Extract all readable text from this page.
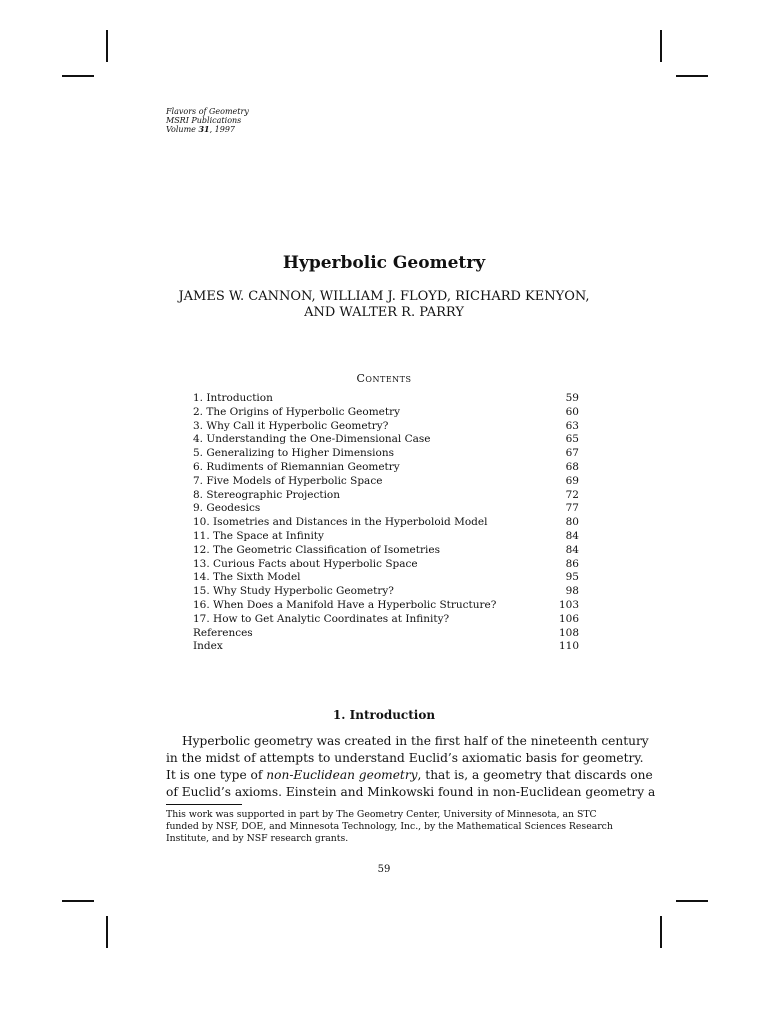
Flavors of Geometry
MSRI Publications
Volume 31, 1997
Hyperbolic Geometry
JAMES W. CANNON, WILLIAM J. FLOYD, RICHARD KENYON,
AND WALTER R. PARRY
Contents
1. Introduction	59
2. The Origins of Hyperbolic Geometry	60
3. Why Call it Hyperbolic Geometry?	63
4. Understanding the One-Dimensional Case	65
5. Generalizing to Higher Dimensions	67
6. Rudiments of Riemannian Geometry	68
7. Five Models of Hyperbolic Space	69
8. Stereographic Projection	72
9. Geodesics	77
10. Isometries and Distances in the Hyperboloid Model	80
11. The Space at Infinity	84
12. The Geometric Classification of Isometries	84
13. Curious Facts about Hyperbolic Space	86
14. The Sixth Model	95
15. Why Study Hyperbolic Geometry?	98
16. When Does a Manifold Have a Hyperbolic Structure?	103
17. How to Get Analytic Coordinates at Infinity?	106
References	108
Index	110
1. Introduction
Hyperbolic geometry was created in the first half of the nineteenth century
in the midst of attempts to understand Euclid’s axiomatic basis for geometry.
It is one type of non-Euclidean geometry, that is, a geometry that discards one
of Euclid’s axioms. Einstein and Minkowski found in non-Euclidean geometry a
This work was supported in part by The Geometry Center, University of Minnesota, an STC
funded by NSF, DOE, and Minnesota Technology, Inc., by the Mathematical Sciences Research
Institute, and by NSF research grants.
59
